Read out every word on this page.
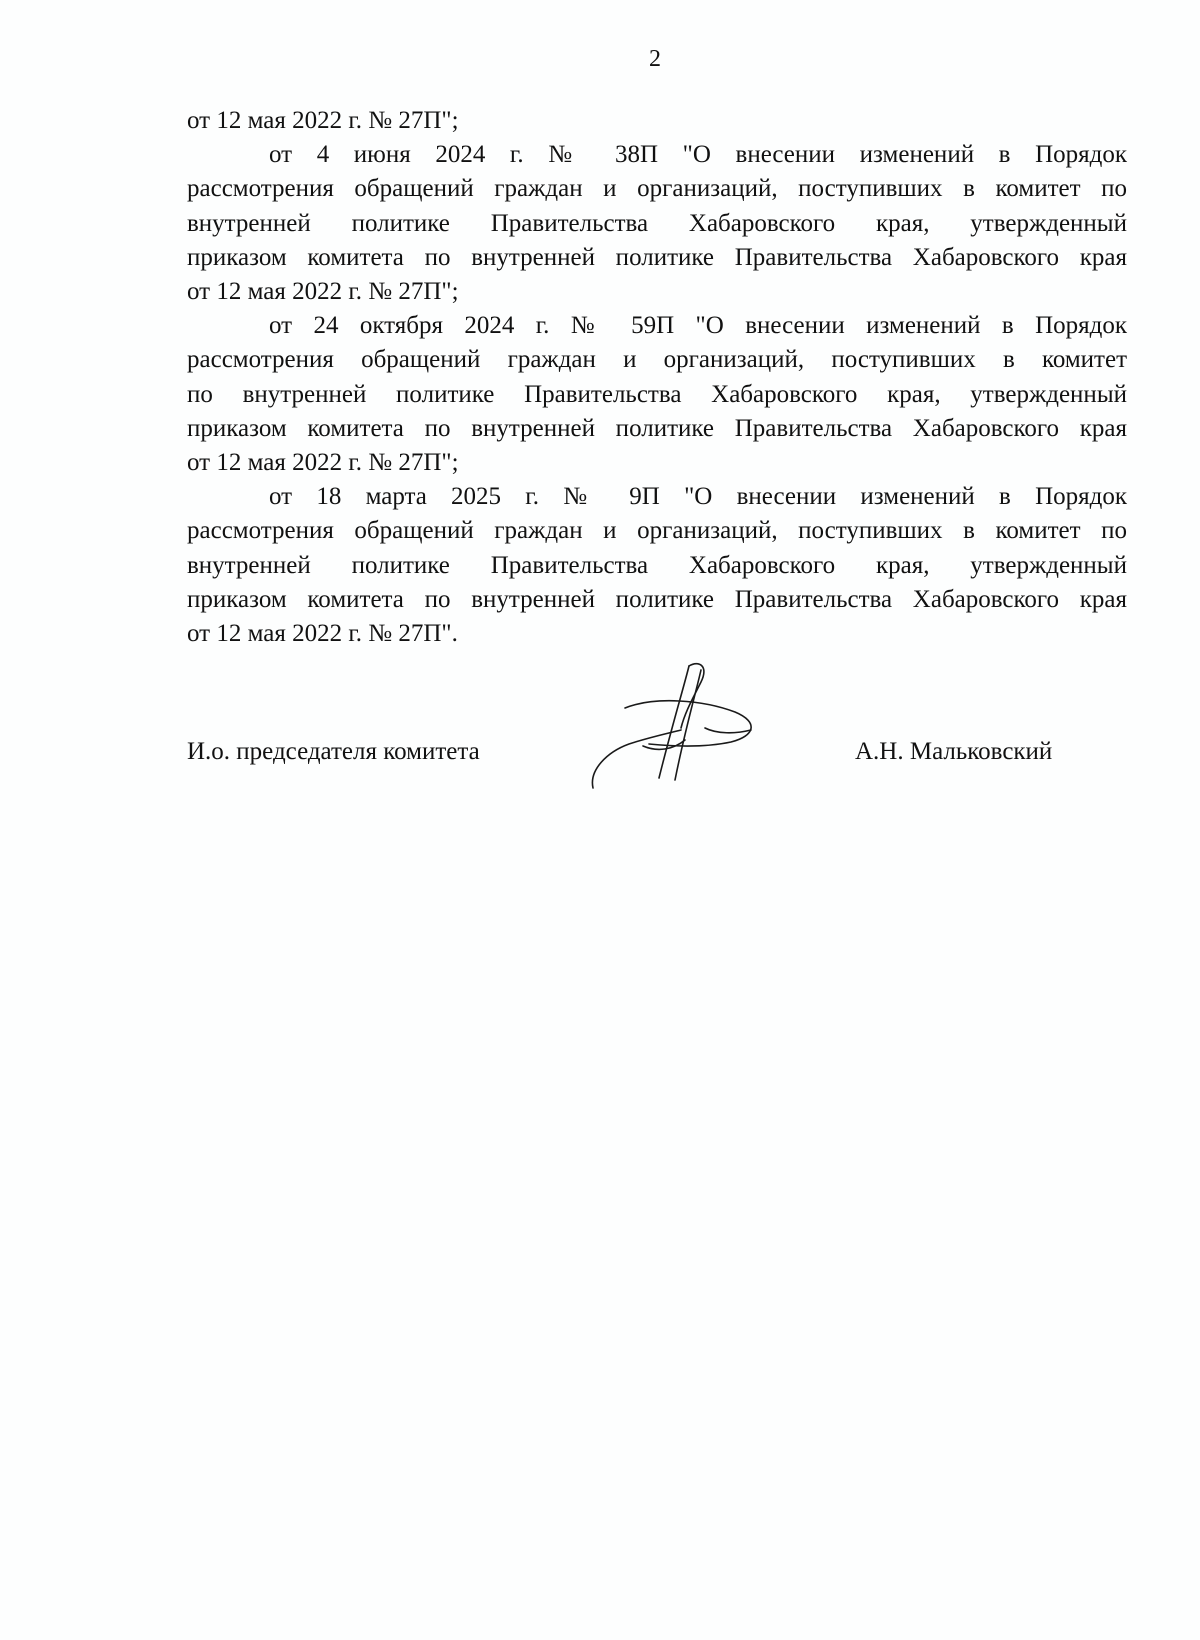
2
от 12 мая 2022 г. № 27П";
от 4 июня 2024 г. № 38П "О внесении изменений в Порядок
рассмотрения обращений граждан и организаций, поступивших в комитет по
внутренней политике Правительства Хабаровского края, утвержденный
приказом комитета по внутренней политике Правительства Хабаровского края
от 12 мая 2022 г. № 27П";
от 24 октября 2024 г. № 59П "О внесении изменений в Порядок
рассмотрения обращений граждан и организаций, поступивших в комитет
по внутренней политике Правительства Хабаровского края, утвержденный
приказом комитета по внутренней политике Правительства Хабаровского края
от 12 мая 2022 г. № 27П";
от 18 марта 2025 г. № 9П "О внесении изменений в Порядок
рассмотрения обращений граждан и организаций, поступивших в комитет по
внутренней политике Правительства Хабаровского края, утвержденный
приказом комитета по внутренней политике Правительства Хабаровского края
от 12 мая 2022 г. № 27П".
И.о. председателя комитета	А.Н. Мальковский
